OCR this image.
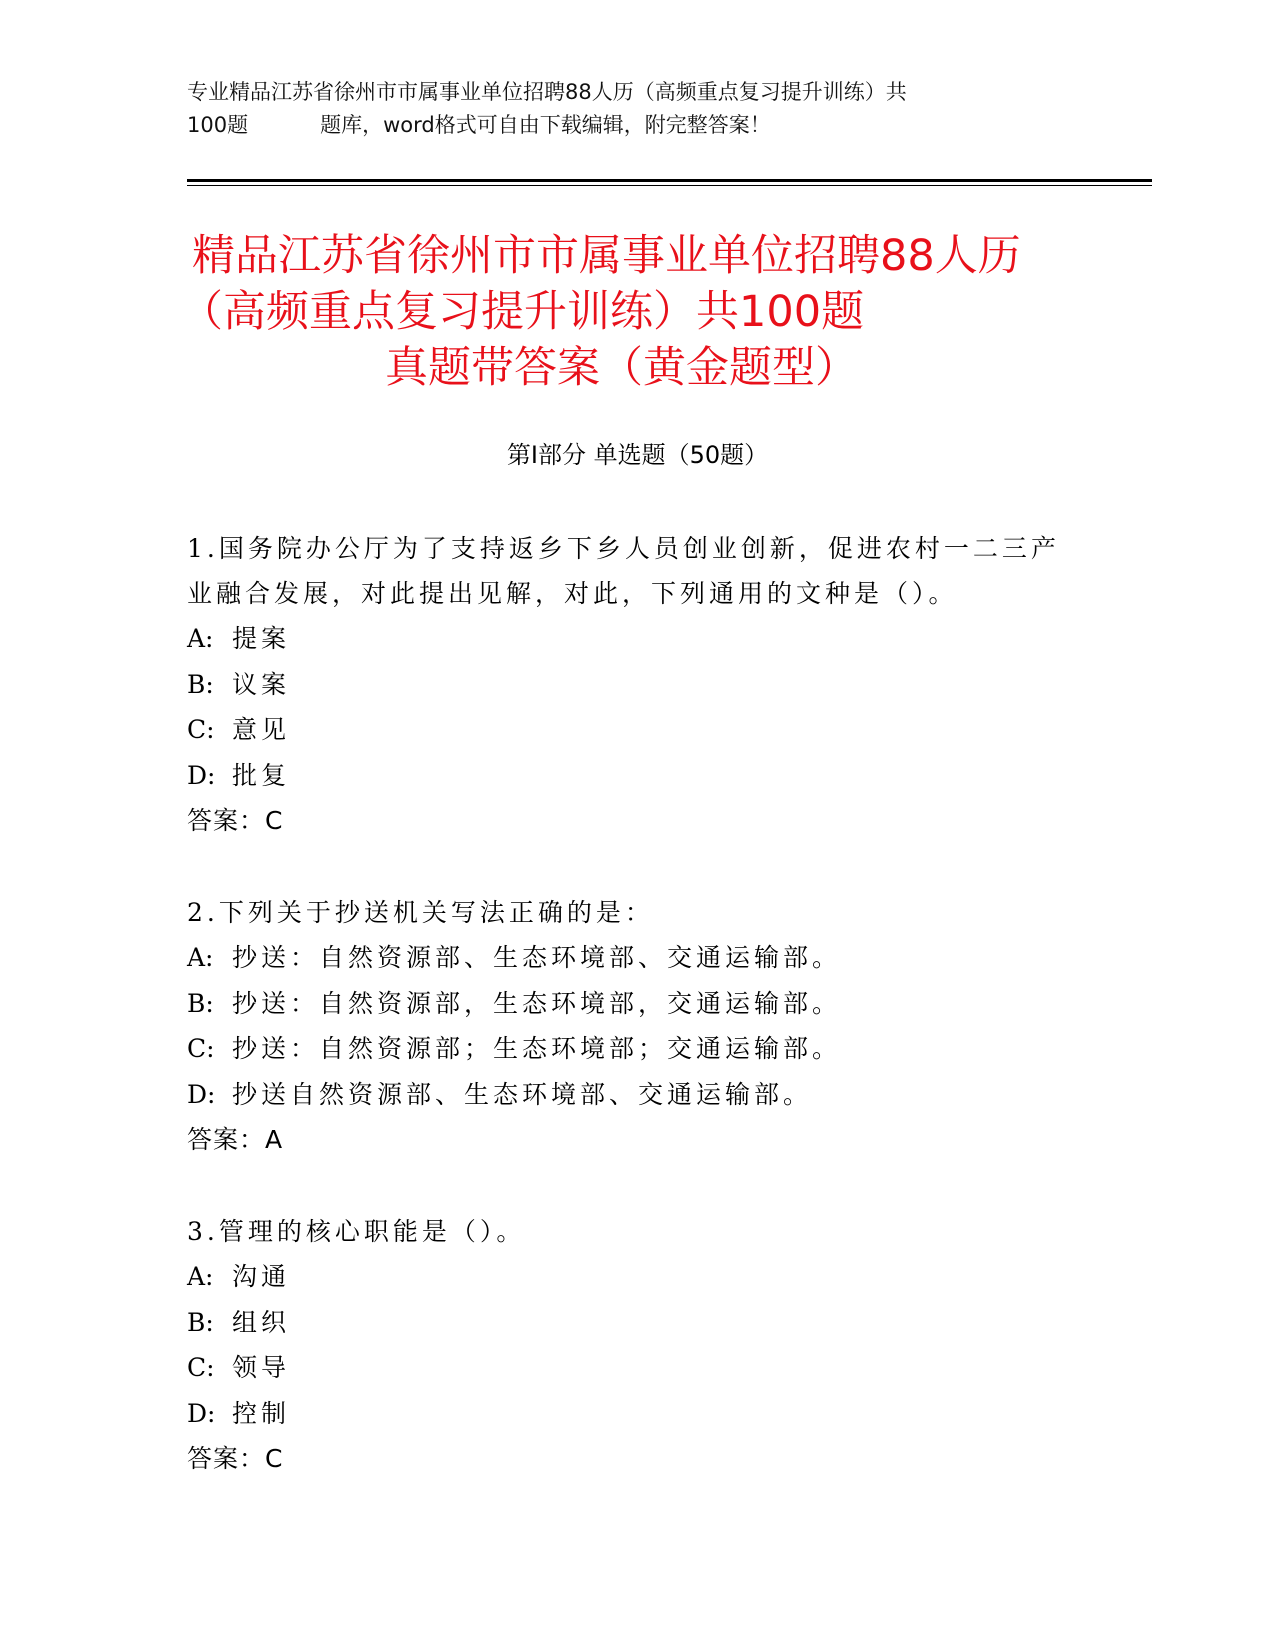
专业精品江苏省徐州市市属事业单位招聘88人历（高频重点复习提升训练）共
100题	题库，word格式可自由下载编辑，附完整答案！
精品江苏省徐州市市属事业单位招聘88人历
（高频重点复习提升训练）共100题
真题带答案（黄金题型）
第Ⅰ部分 单选题（50题）
1.国务院办公厅为了支持返乡下乡人员创业创新，促进农村一二三产业融合发展，对此提出见解，对此，下列通用的文种是（）。
A: 提案
B: 议案
C: 意见
D: 批复
答案：C
2.下列关于抄送机关写法正确的是：
A: 抄送：自然资源部、生态环境部、交通运输部。
B: 抄送：自然资源部，生态环境部，交通运输部。
C: 抄送：自然资源部；生态环境部；交通运输部。
D: 抄送自然资源部、生态环境部、交通运输部。
答案：A
3.管理的核心职能是（）。
A: 沟通
B: 组织
C: 领导
D: 控制
答案：C
